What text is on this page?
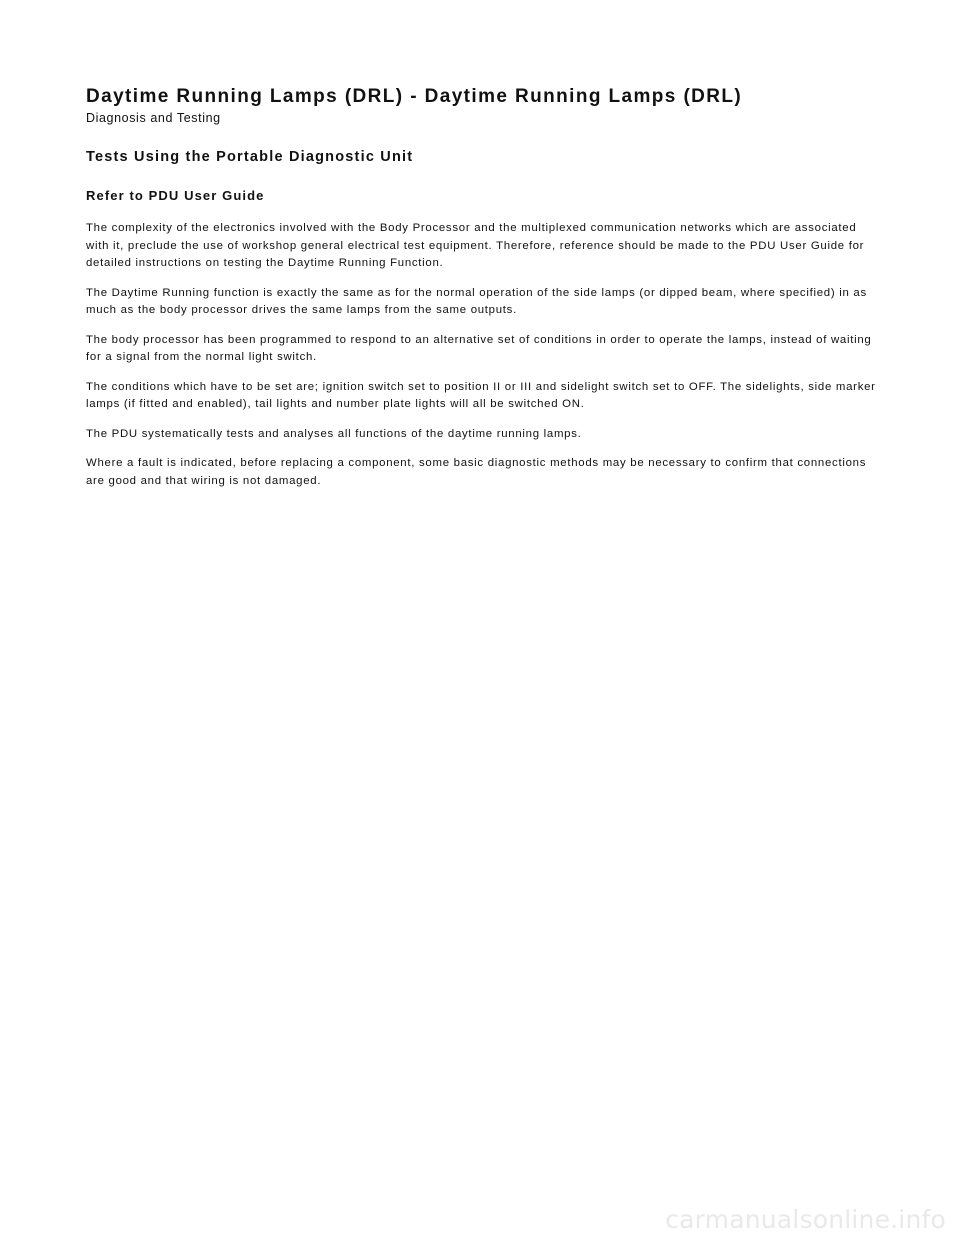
Daytime Running Lamps (DRL) - Daytime Running Lamps (DRL)
Diagnosis and Testing
Tests Using the Portable Diagnostic Unit
Refer to PDU User Guide

The complexity of the electronics involved with the Body Processor and the multiplexed communication networks which are associated with it, preclude the use of workshop general electrical test equipment. Therefore, reference should be made to the PDU User Guide for detailed instructions on testing the Daytime Running Function.

The Daytime Running function is exactly the same as for the normal operation of the side lamps (or dipped beam, where specified) in as much as the body processor drives the same lamps from the same outputs.

The body processor has been programmed to respond to an alternative set of conditions in order to operate the lamps, instead of waiting for a signal from the normal light switch.

The conditions which have to be set are; ignition switch set to position II or III and sidelight switch set to OFF. The sidelights, side marker lamps (if fitted and enabled), tail lights and number plate lights will all be switched ON.

The PDU systematically tests and analyses all functions of the daytime running lamps.

Where a fault is indicated, before replacing a component, some basic diagnostic methods may be necessary to confirm that connections are good and that wiring is not damaged.

carmanualsonline.info
